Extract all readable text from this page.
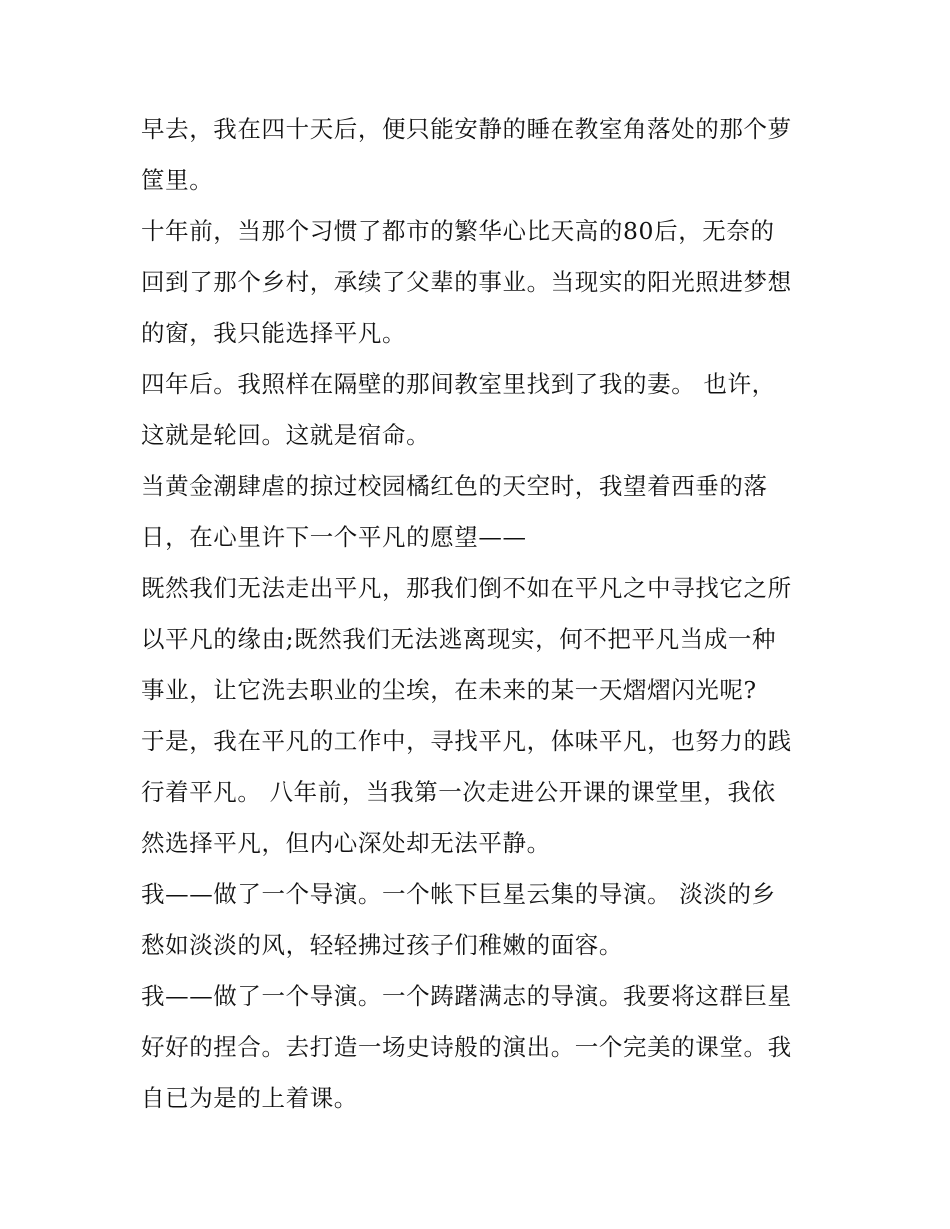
早去，我在四十天后，便只能安静的睡在教室角落处的那个萝
筐里。
十年前，当那个习惯了都市的繁华心比天高的80后，无奈的
回到了那个乡村，承续了父辈的事业。当现实的阳光照进梦想
的窗，我只能选择平凡。
四年后。我照样在隔壁的那间教室里找到了我的妻。 也许，
这就是轮回。这就是宿命。
当黄金潮肆虐的掠过校园橘红色的天空时，我望着西垂的落
日，在心里许下一个平凡的愿望——
既然我们无法走出平凡，那我们倒不如在平凡之中寻找它之所
以平凡的缘由;既然我们无法逃离现实，何不把平凡当成一种
事业，让它洗去职业的尘埃，在未来的某一天熠熠闪光呢?
于是，我在平凡的工作中，寻找平凡，体味平凡，也努力的践
行着平凡。 八年前，当我第一次走进公开课的课堂里，我依
然选择平凡，但内心深处却无法平静。
我——做了一个导演。一个帐下巨星云集的导演。 淡淡的乡
愁如淡淡的风，轻轻拂过孩子们稚嫩的面容。
我——做了一个导演。一个踌躇满志的导演。我要将这群巨星
好好的捏合。去打造一场史诗般的演出。一个完美的课堂。我
自已为是的上着课。
